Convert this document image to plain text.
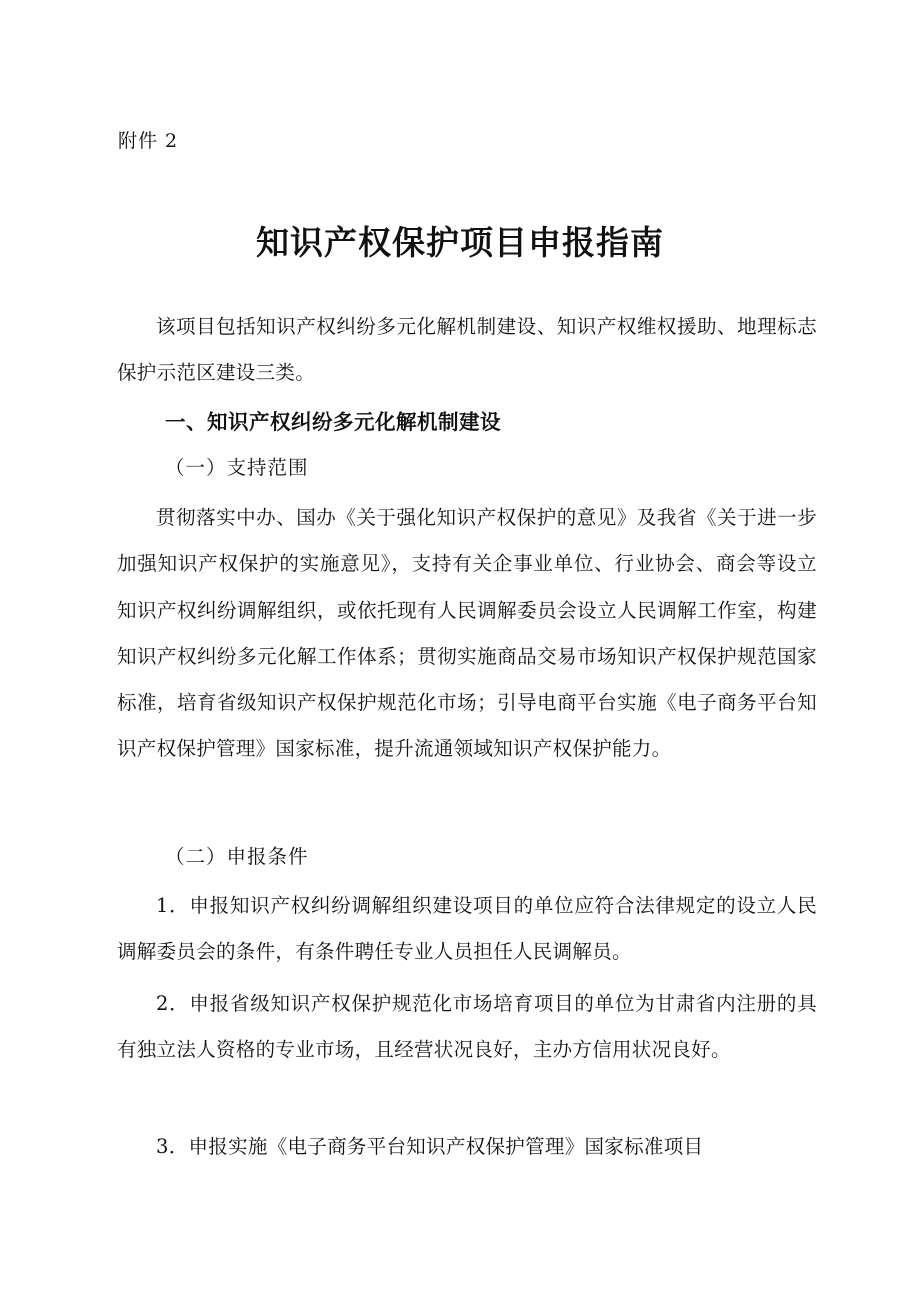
附件 2
知识产权保护项目申报指南
该项目包括知识产权纠纷多元化解机制建设、知识产权维权援助、地理标志保护示范区建设三类。
一、知识产权纠纷多元化解机制建设
（一）支持范围
贯彻落实中办、国办《关于强化知识产权保护的意见》及我省《关于进一步加强知识产权保护的实施意见》，支持有关企事业单位、行业协会、商会等设立知识产权纠纷调解组织，或依托现有人民调解委员会设立人民调解工作室，构建知识产权纠纷多元化解工作体系；贯彻实施商品交易市场知识产权保护规范国家标准，培育省级知识产权保护规范化市场；引导电商平台实施《电子商务平台知识产权保护管理》国家标准，提升流通领域知识产权保护能力。
（二）申报条件
1．申报知识产权纠纷调解组织建设项目的单位应符合法律规定的设立人民调解委员会的条件，有条件聘任专业人员担任人民调解员。
2．申报省级知识产权保护规范化市场培育项目的单位为甘肃省内注册的具有独立法人资格的专业市场，且经营状况良好，主办方信用状况良好。
3．申报实施《电子商务平台知识产权保护管理》国家标准项目
